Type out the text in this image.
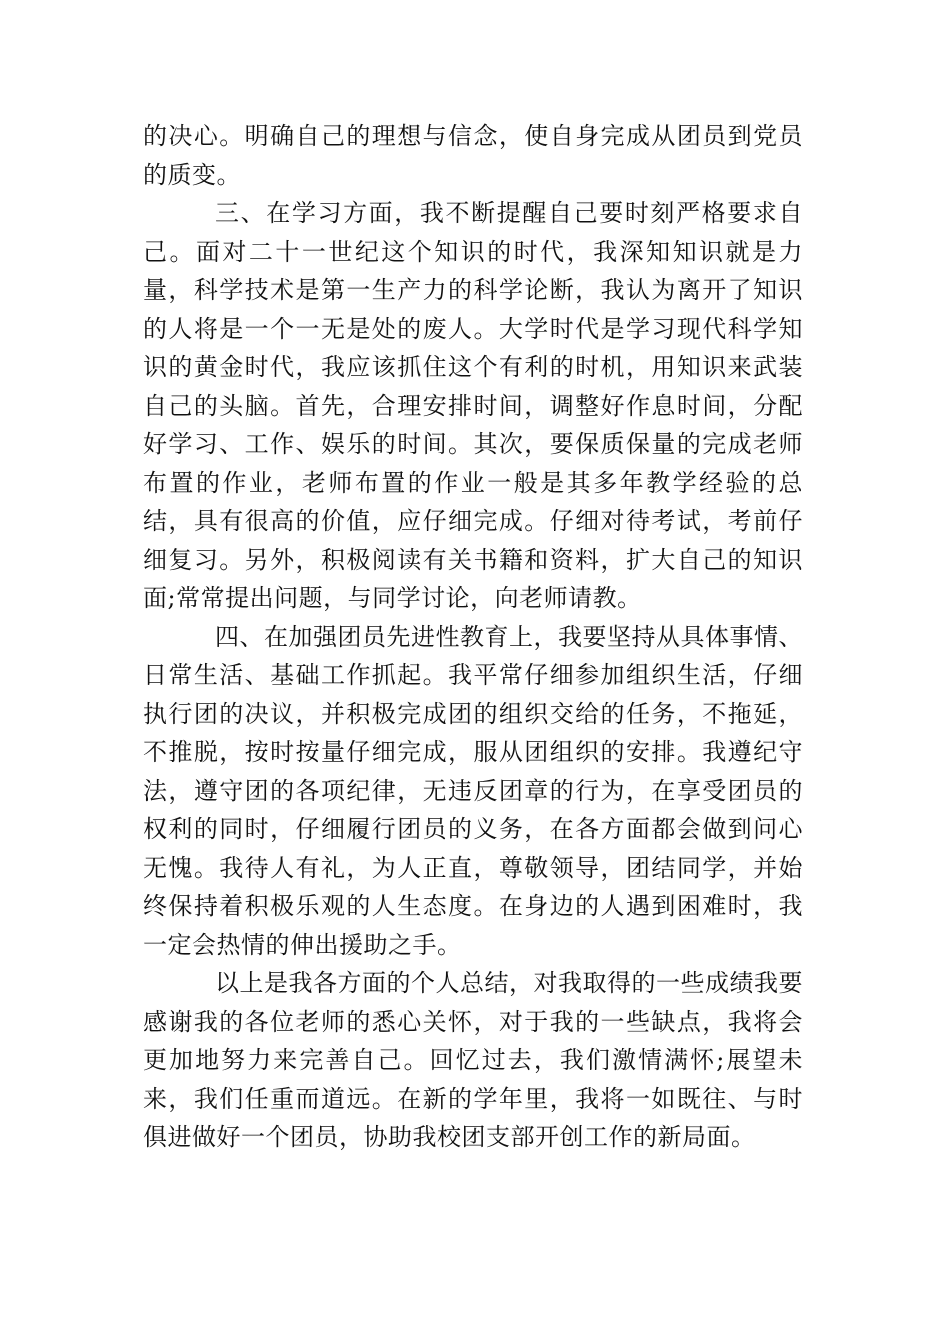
的决心。明确自己的理想与信念，使自身完成从团员到党员的质变。

三、在学习方面，我不断提醒自己要时刻严格要求自己。面对二十一世纪这个知识的时代，我深知知识就是力量，科学技术是第一生产力的科学论断，我认为离开了知识的人将是一个一无是处的废人。大学时代是学习现代科学知识的黄金时代，我应该抓住这个有利的时机，用知识来武装自己的头脑。首先，合理安排时间，调整好作息时间，分配好学习、工作、娱乐的时间。其次，要保质保量的完成老师布置的作业，老师布置的作业一般是其多年教学经验的总结，具有很高的价值，应仔细完成。仔细对待考试，考前仔细复习。另外，积极阅读有关书籍和资料，扩大自己的知识面;常常提出问题，与同学讨论，向老师请教。

四、在加强团员先进性教育上，我要坚持从具体事情、日常生活、基础工作抓起。我平常仔细参加组织生活，仔细执行团的决议，并积极完成团的组织交给的任务，不拖延，不推脱，按时按量仔细完成，服从团组织的安排。我遵纪守法，遵守团的各项纪律，无违反团章的行为，在享受团员的权利的同时，仔细履行团员的义务，在各方面都会做到问心无愧。我待人有礼，为人正直，尊敬领导，团结同学，并始终保持着积极乐观的人生态度。在身边的人遇到困难时，我一定会热情的伸出援助之手。

以上是我各方面的个人总结，对我取得的一些成绩我要感谢我的各位老师的悉心关怀，对于我的一些缺点，我将会更加地努力来完善自己。回忆过去，我们激情满怀;展望未来，我们任重而道远。在新的学年里，我将一如既往、与时俱进做好一个团员，协助我校团支部开创工作的新局面。
